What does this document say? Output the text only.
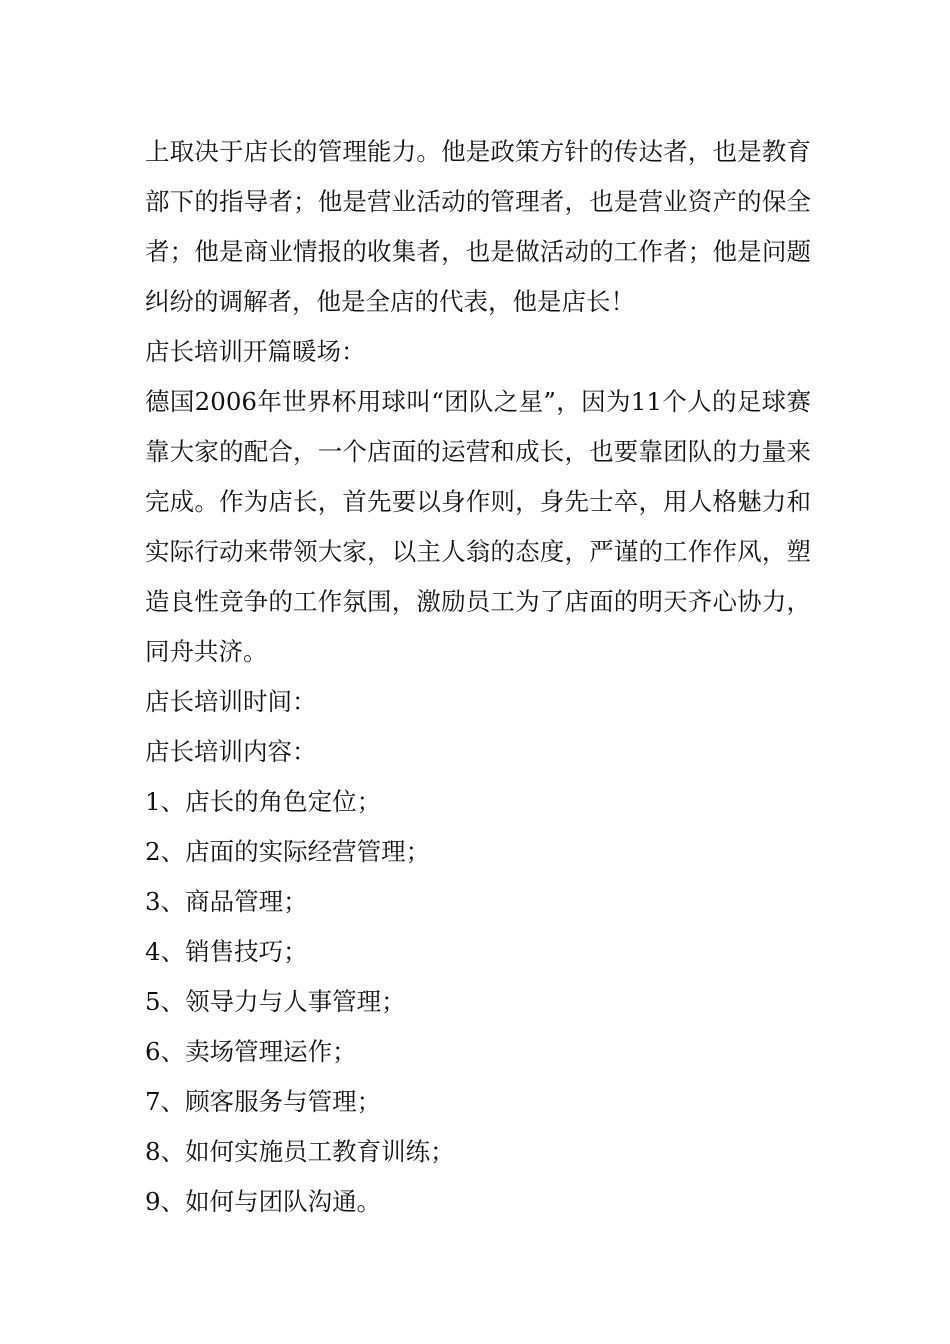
上取决于店长的管理能力。他是政策方针的传达者，也是教育部下的指导者；他是营业活动的管理者，也是营业资产的保全者；他是商业情报的收集者，也是做活动的工作者；他是问题纠纷的调解者，他是全店的代表，他是店长！

店长培训开篇暖场：

德国2006年世界杯用球叫“团队之星”，因为11个人的足球赛靠大家的配合，一个店面的运营和成长，也要靠团队的力量来完成。作为店长，首先要以身作则，身先士卒，用人格魅力和实际行动来带领大家，以主人翁的态度，严谨的工作作风，塑造良性竞争的工作氛围，激励员工为了店面的明天齐心协力，同舟共济。

店长培训时间：

店长培训内容：

1、店长的角色定位；

2、店面的实际经营管理；

3、商品管理；

4、销售技巧；

5、领导力与人事管理；

6、卖场管理运作；

7、顾客服务与管理；

8、如何实施员工教育训练；

9、如何与团队沟通。
